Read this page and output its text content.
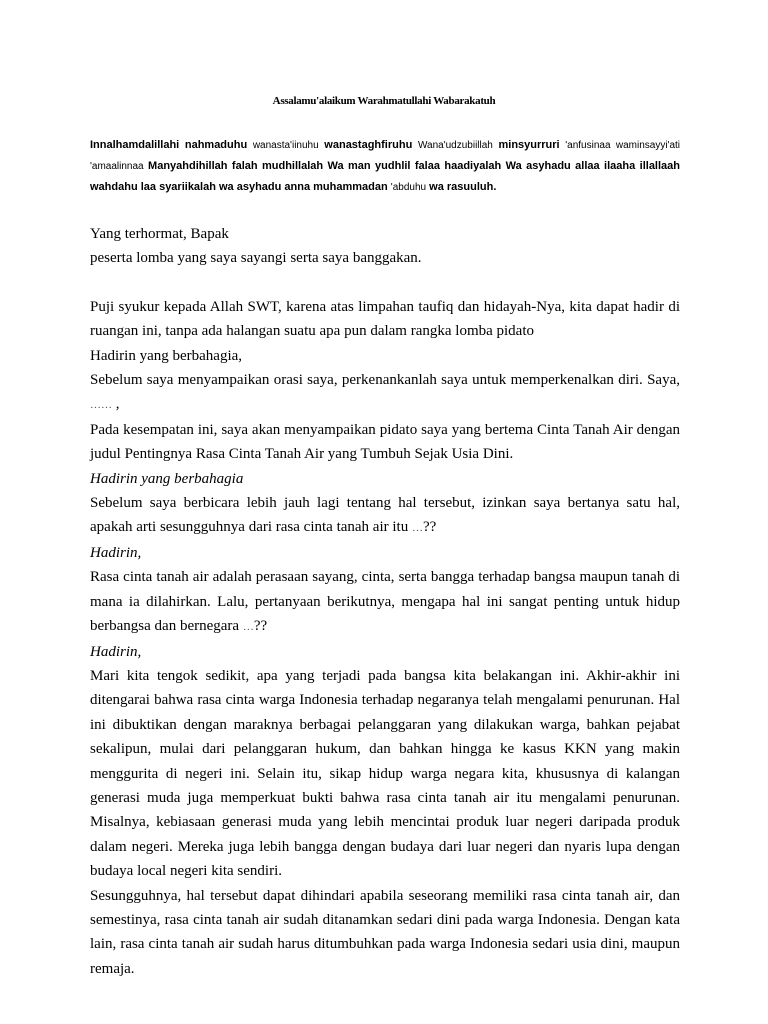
Assalamu'alaikum Warahmatullahi Wabarakatuh
Innalhamdalillahi nahmaduhu wanasta'iinuhu wanastaghfiruhu Wana'udzubiillah minsyurruri 'anfusinaa waminsayyi'ati 'amaalinnaa Manyahdihillah falah mudhillalah Wa man yudhlil falaa haadiyalah Wa asyhadu allaa ilaaha illallaah wahdahu laa syariikalah wa asyhadu anna muhammadan 'abduhu wa rasuuluh.

Yang terhormat, Bapak

peserta lomba yang saya sayangi serta saya banggakan.

Puji syukur kepada Allah SWT, karena atas limpahan taufiq dan hidayah-Nya, kita dapat hadir di ruangan ini, tanpa ada halangan suatu apa pun dalam rangka lomba pidato

Hadirin yang berbahagia,

Sebelum saya menyampaikan orasi saya, perkenankanlah saya untuk memperkenalkan diri. Saya, …… ,

Pada kesempatan ini, saya akan menyampaikan pidato saya yang bertema Cinta Tanah Air dengan judul Pentingnya Rasa Cinta Tanah Air yang Tumbuh Sejak Usia Dini.

Hadirin yang berbahagia

Sebelum saya berbicara lebih jauh lagi tentang hal tersebut, izinkan saya bertanya satu hal, apakah arti sesungguhnya dari rasa cinta tanah air itu …??

Hadirin,

Rasa cinta tanah air adalah perasaan sayang, cinta, serta bangga terhadap bangsa maupun tanah di mana ia dilahirkan. Lalu, pertanyaan berikutnya, mengapa hal ini sangat penting untuk hidup berbangsa dan bernegara …??

Hadirin,

Mari kita tengok sedikit, apa yang terjadi pada bangsa kita belakangan ini. Akhir-akhir ini ditengarai bahwa rasa cinta warga Indonesia terhadap negaranya telah mengalami penurunan. Hal ini dibuktikan dengan maraknya berbagai pelanggaran yang dilakukan warga, bahkan pejabat sekalipun, mulai dari pelanggaran hukum, dan bahkan hingga ke kasus KKN yang makin menggurita di negeri ini. Selain itu, sikap hidup warga negara kita, khususnya di kalangan generasi muda juga memperkuat bukti bahwa rasa cinta tanah air itu mengalami penurunan. Misalnya, kebiasaan generasi muda yang lebih mencintai produk luar negeri daripada produk dalam negeri. Mereka juga lebih bangga dengan budaya dari luar negeri dan nyaris lupa dengan budaya local negeri kita sendiri.

Sesungguhnya, hal tersebut dapat dihindari apabila seseorang memiliki rasa cinta tanah air, dan semestinya, rasa cinta tanah air sudah ditanamkan sedari dini pada warga Indonesia. Dengan kata lain, rasa cinta tanah air sudah harus ditumbuhkan pada warga Indonesia sedari usia dini, maupun remaja.
